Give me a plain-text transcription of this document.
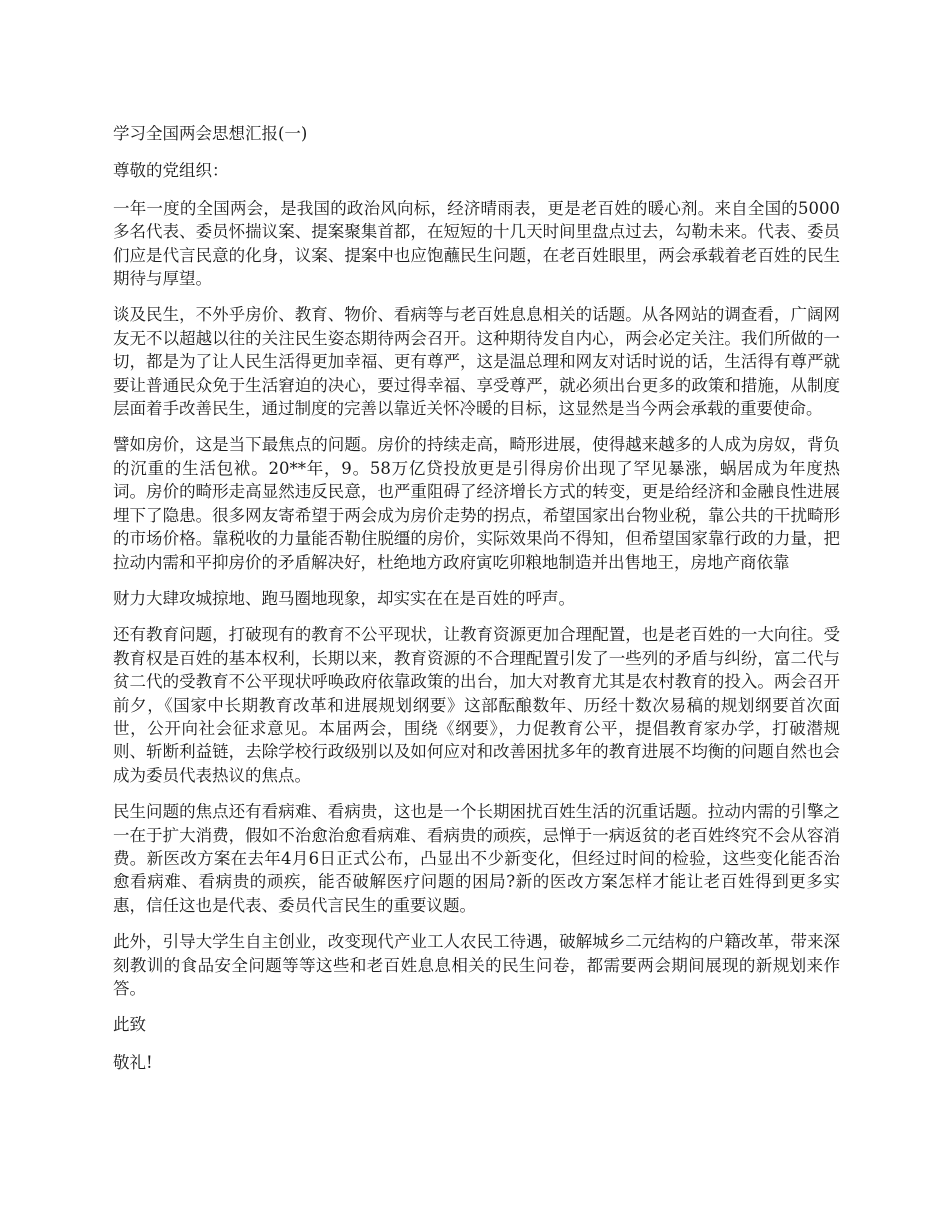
学习全国两会思想汇报(一)

尊敬的党组织：

一年一度的全国两会，是我国的政治风向标，经济晴雨表，更是老百姓的暖心剂。来自全国的5000多名代表、委员怀揣议案、提案聚集首都，在短短的十几天时间里盘点过去，勾勒未来。代表、委员们应是代言民意的化身，议案、提案中也应饱蘸民生问题，在老百姓眼里，两会承载着老百姓的民生期待与厚望。

谈及民生，不外乎房价、教育、物价、看病等与老百姓息息相关的话题。从各网站的调查看，广阔网友无不以超越以往的关注民生姿态期待两会召开。这种期待发自内心，两会必定关注。我们所做的一切，都是为了让人民生活得更加幸福、更有尊严，这是温总理和网友对话时说的话，生活得有尊严就要让普通民众免于生活窘迫的决心，要过得幸福、享受尊严，就必须出台更多的政策和措施，从制度层面着手改善民生，通过制度的完善以靠近关怀冷暖的目标，这显然是当今两会承载的重要使命。

譬如房价，这是当下最焦点的问题。房价的持续走高，畸形进展，使得越来越多的人成为房奴，背负的沉重的生活包袱。20**年，9。58万亿贷投放更是引得房价出现了罕见暴涨，蜗居成为年度热词。房价的畸形走高显然违反民意，也严重阻碍了经济增长方式的转变，更是给经济和金融良性进展埋下了隐患。很多网友寄希望于两会成为房价走势的拐点，希望国家出台物业税，靠公共的干扰畸形的市场价格。靠税收的力量能否勒住脱缰的房价，实际效果尚不得知，但希望国家靠行政的力量，把拉动内需和平抑房价的矛盾解决好，杜绝地方政府寅吃卯粮地制造并出售地王，房地产商依靠

财力大肆攻城掠地、跑马圈地现象，却实实在在是百姓的呼声。

还有教育问题，打破现有的教育不公平现状，让教育资源更加合理配置，也是老百姓的一大向往。受教育权是百姓的基本权利，长期以来，教育资源的不合理配置引发了一些列的矛盾与纠纷，富二代与贫二代的受教育不公平现状呼唤政府依靠政策的出台，加大对教育尤其是农村教育的投入。两会召开前夕，《国家中长期教育改革和进展规划纲要》这部酝酿数年、历经十数次易稿的规划纲要首次面世，公开向社会征求意见。本届两会，围绕《纲要》，力促教育公平，提倡教育家办学，打破潜规则、斩断利益链，去除学校行政级别以及如何应对和改善困扰多年的教育进展不均衡的问题自然也会成为委员代表热议的焦点。

民生问题的焦点还有看病难、看病贵，这也是一个长期困扰百姓生活的沉重话题。拉动内需的引擎之一在于扩大消费，假如不治愈治愈看病难、看病贵的顽疾，忌惮于一病返贫的老百姓终究不会从容消费。新医改方案在去年4月6日正式公布，凸显出不少新变化，但经过时间的检验，这些变化能否治愈看病难、看病贵的顽疾，能否破解医疗问题的困局?新的医改方案怎样才能让老百姓得到更多实惠，信任这也是代表、委员代言民生的重要议题。

此外，引导大学生自主创业，改变现代产业工人农民工待遇，破解城乡二元结构的户籍改革，带来深刻教训的食品安全问题等等这些和老百姓息息相关的民生问卷，都需要两会期间展现的新规划来作答。

此致

敬礼!
